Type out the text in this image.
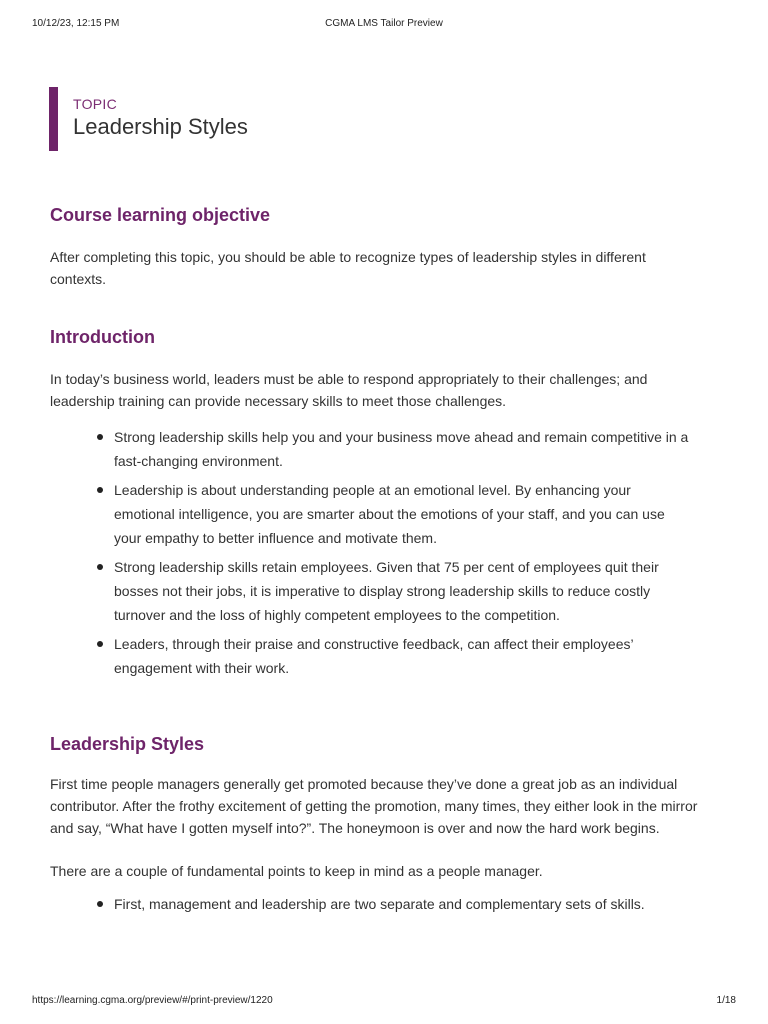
10/12/23, 12:15 PM	CGMA LMS Tailor Preview
TOPIC
Leadership Styles
Course learning objective

After completing this topic, you should be able to recognize types of leadership styles in different contexts.

Introduction

In today’s business world, leaders must be able to respond appropriately to their challenges; and leadership training can provide necessary skills to meet those challenges.

Strong leadership skills help you and your business move ahead and remain competitive in a fast-changing environment.
Leadership is about understanding people at an emotional level. By enhancing your emotional intelligence, you are smarter about the emotions of your staff, and you can use your empathy to better influence and motivate them.
Strong leadership skills retain employees. Given that 75 per cent of employees quit their bosses not their jobs, it is imperative to display strong leadership skills to reduce costly turnover and the loss of highly competent employees to the competition.
Leaders, through their praise and constructive feedback, can affect their employees’ engagement with their work.
Leadership Styles

First time people managers generally get promoted because they’ve done a great job as an individual contributor. After the frothy excitement of getting the promotion, many times, they either look in the mirror and say, “What have I gotten myself into?”. The honeymoon is over and now the hard work begins.

There are a couple of fundamental points to keep in mind as a people manager.

First, management and leadership are two separate and complementary sets of skills.
https://learning.cgma.org/preview/#/print-preview/1220	1/18
